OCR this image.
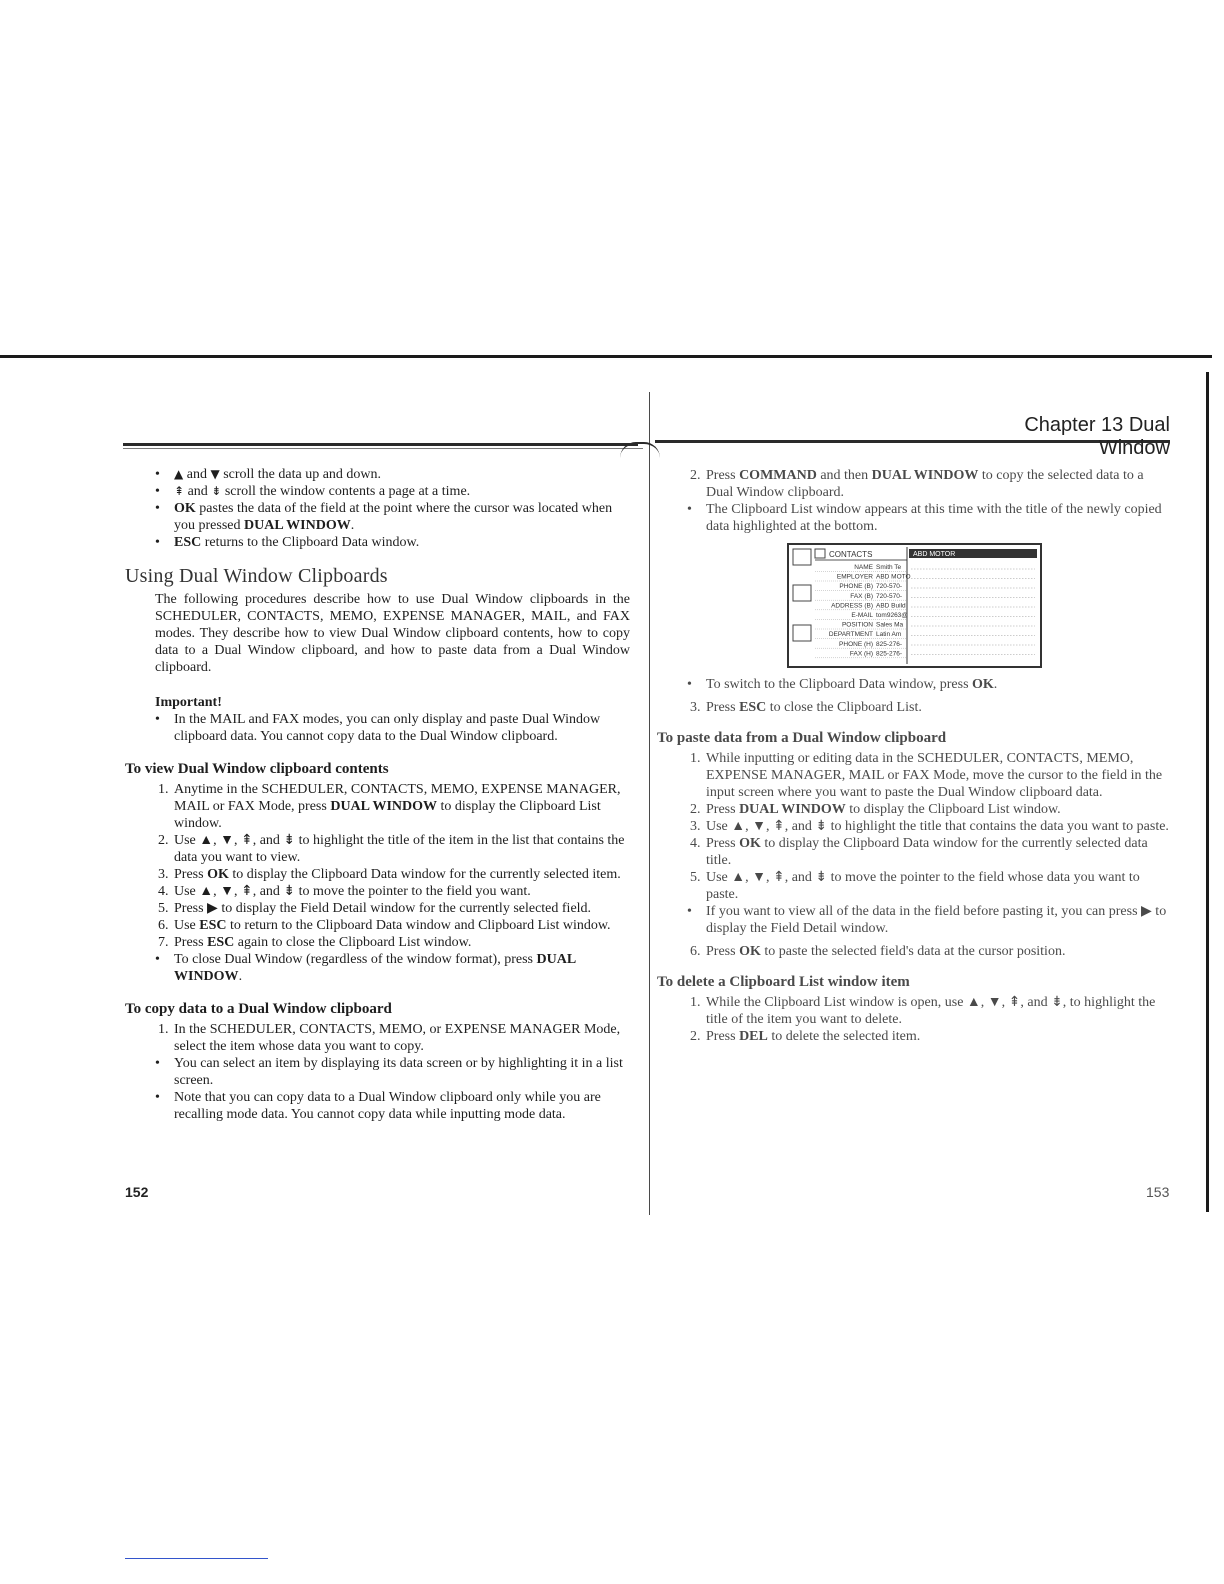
Chapter 13 Dual Window
• ▲ and ▼ scroll the data up and down.
• ⇞ and ⇟ scroll the window contents a page at a time.
• OK pastes the data of the field at the point where the cursor was located when you pressed DUAL WINDOW.
• ESC returns to the Clipboard Data window.
Using Dual Window Clipboards

The following procedures describe how to use Dual Window clipboards in the SCHEDULER, CONTACTS, MEMO, EXPENSE MANAGER, MAIL, and FAX modes. They describe how to view Dual Window clipboard contents, how to copy data to a Dual Window clipboard, and how to paste data from a Dual Window clipboard.

Important!
• In the MAIL and FAX modes, you can only display and paste Dual Window clipboard data. You cannot copy data to the Dual Window clipboard.
To view Dual Window clipboard contents
1. Anytime in the SCHEDULER, CONTACTS, MEMO, EXPENSE MANAGER, MAIL or FAX Mode, press DUAL WINDOW to display the Clipboard List window.
2. Use ▲, ▼, ⇞, and ⇟ to highlight the title of the item in the list that contains the data you want to view.
3. Press OK to display the Clipboard Data window for the currently selected item.
4. Use ▲, ▼, ⇞, and ⇟ to move the pointer to the field you want.
5. Press ▶ to display the Field Detail window for the currently selected field.
6. Use ESC to return to the Clipboard Data window and Clipboard List window.
7. Press ESC again to close the Clipboard List window.
• To close Dual Window (regardless of the window format), press DUAL WINDOW.
To copy data to a Dual Window clipboard
1. In the SCHEDULER, CONTACTS, MEMO, or EXPENSE MANAGER Mode, select the item whose data you want to copy.
• You can select an item by displaying its data screen or by highlighting it in a list screen.
• Note that you can copy data to a Dual Window clipboard only while you are recalling mode data. You cannot copy data while inputting mode data.
152
2. Press COMMAND and then DUAL WINDOW to copy the selected data to a Dual Window clipboard.
• The Clipboard List window appears at this time with the title of the newly copied data highlighted at the bottom.
CONTACTS
NAME Smith Te
EMPLOYER ABD MOTO
PHONE (B) 720-570-
FAX (B) 720-570-
ADDRESS (B) ABD Build
E-MAIL tom9263@
POSITION Sales Ma
DEPARTMENT Latin Am
PHONE (H) 825-276-
FAX (H) 825-276-
ABD MOTOR
• To switch to the Clipboard Data window, press OK.
3. Press ESC to close the Clipboard List.
To paste data from a Dual Window clipboard
1. While inputting or editing data in the SCHEDULER, CONTACTS, MEMO, EXPENSE MANAGER, MAIL or FAX Mode, move the cursor to the field in the input screen where you want to paste the Dual Window clipboard data.
2. Press DUAL WINDOW to display the Clipboard List window.
3. Use ▲, ▼, ⇞, and ⇟ to highlight the title that contains the data you want to paste.
4. Press OK to display the Clipboard Data window for the currently selected data title.
5. Use ▲, ▼, ⇞, and ⇟ to move the pointer to the field whose data you want to paste.
• If you want to view all of the data in the field before pasting it, you can press ▶ to display the Field Detail window.
6. Press OK to paste the selected field's data at the cursor position.
To delete a Clipboard List window item
1. While the Clipboard List window is open, use ▲, ▼, ⇞, and ⇟, to highlight the title of the item you want to delete.
2. Press DEL to delete the selected item.
153
